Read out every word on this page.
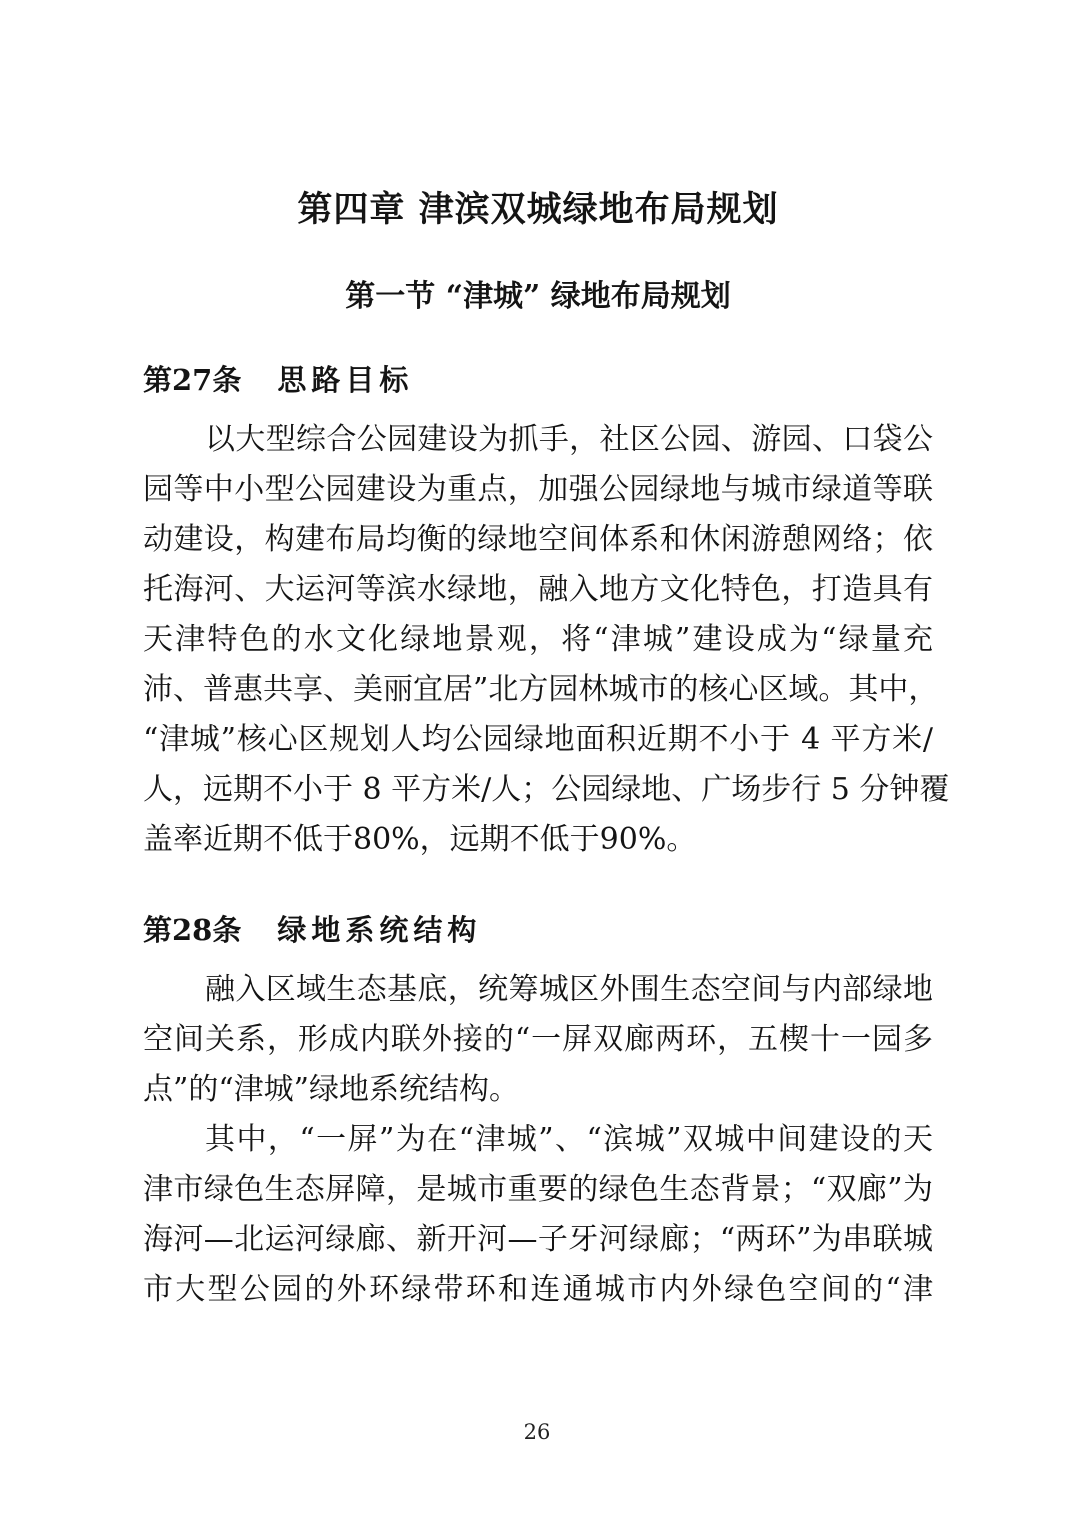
第四章 津滨双城绿地布局规划
第一节 “津城” 绿地布局规划
第27条 思路目标
以大型综合公园建设为抓手，社区公园、游园、口袋公
园等中小型公园建设为重点，加强公园绿地与城市绿道等联
动建设，构建布局均衡的绿地空间体系和休闲游憩网络；依
托海河、大运河等滨水绿地，融入地方文化特色，打造具有
天津特色的水文化绿地景观，将“津城”建设成为“绿量充
沛、普惠共享、美丽宜居”北方园林城市的核心区域。其中，
“津城”核心区规划人均公园绿地面积近期不小于 4 平方米/
人，远期不小于 8 平方米/人；公园绿地、广场步行 5 分钟覆
盖率近期不低于80%，远期不低于90%。
第28条 绿地系统结构
融入区域生态基底，统筹城区外围生态空间与内部绿地
空间关系，形成内联外接的“一屏双廊两环，五楔十一园多
点”的“津城”绿地系统结构。
其中，“一屏”为在“津城”、“滨城”双城中间建设的天
津市绿色生态屏障，是城市重要的绿色生态背景；“双廊”为
海河—北运河绿廊、新开河—子牙河绿廊；“两环”为串联城
市大型公园的外环绿带环和连通城市内外绿色空间的“津
26
